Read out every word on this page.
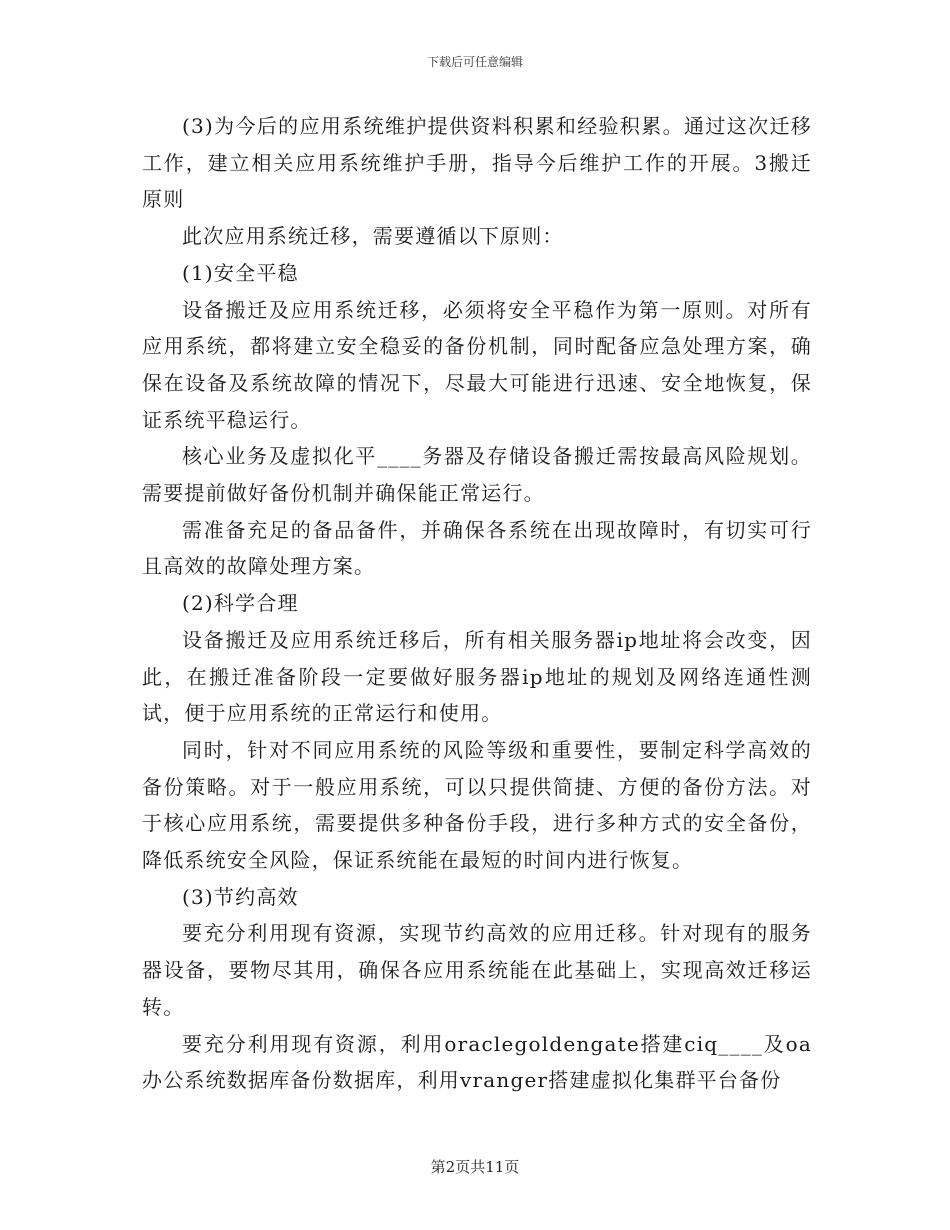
下载后可任意编辑

(3)为今后的应用系统维护提供资料积累和经验积累。通过这次迁移工作，建立相关应用系统维护手册，指导今后维护工作的开展。3搬迁原则

此次应用系统迁移，需要遵循以下原则：

(1)安全平稳

设备搬迁及应用系统迁移，必须将安全平稳作为第一原则。对所有应用系统，都将建立安全稳妥的备份机制，同时配备应急处理方案，确保在设备及系统故障的情况下，尽最大可能进行迅速、安全地恢复，保证系统平稳运行。

核心业务及虚拟化平____务器及存储设备搬迁需按最高风险规划。需要提前做好备份机制并确保能正常运行。

需准备充足的备品备件，并确保各系统在出现故障时，有切实可行且高效的故障处理方案。

(2)科学合理

设备搬迁及应用系统迁移后，所有相关服务器ip地址将会改变，因此，在搬迁准备阶段一定要做好服务器ip地址的规划及网络连通性测试，便于应用系统的正常运行和使用。

同时，针对不同应用系统的风险等级和重要性，要制定科学高效的备份策略。对于一般应用系统，可以只提供简捷、方便的备份方法。对于核心应用系统，需要提供多种备份手段，进行多种方式的安全备份，降低系统安全风险，保证系统能在最短的时间内进行恢复。

(3)节约高效

要充分利用现有资源，实现节约高效的应用迁移。针对现有的服务器设备，要物尽其用，确保各应用系统能在此基础上，实现高效迁移运转。

要充分利用现有资源，利用oraclegoldengate搭建ciq____及oa办公系统数据库备份数据库，利用vranger搭建虚拟化集群平台备份

第2页共11页
